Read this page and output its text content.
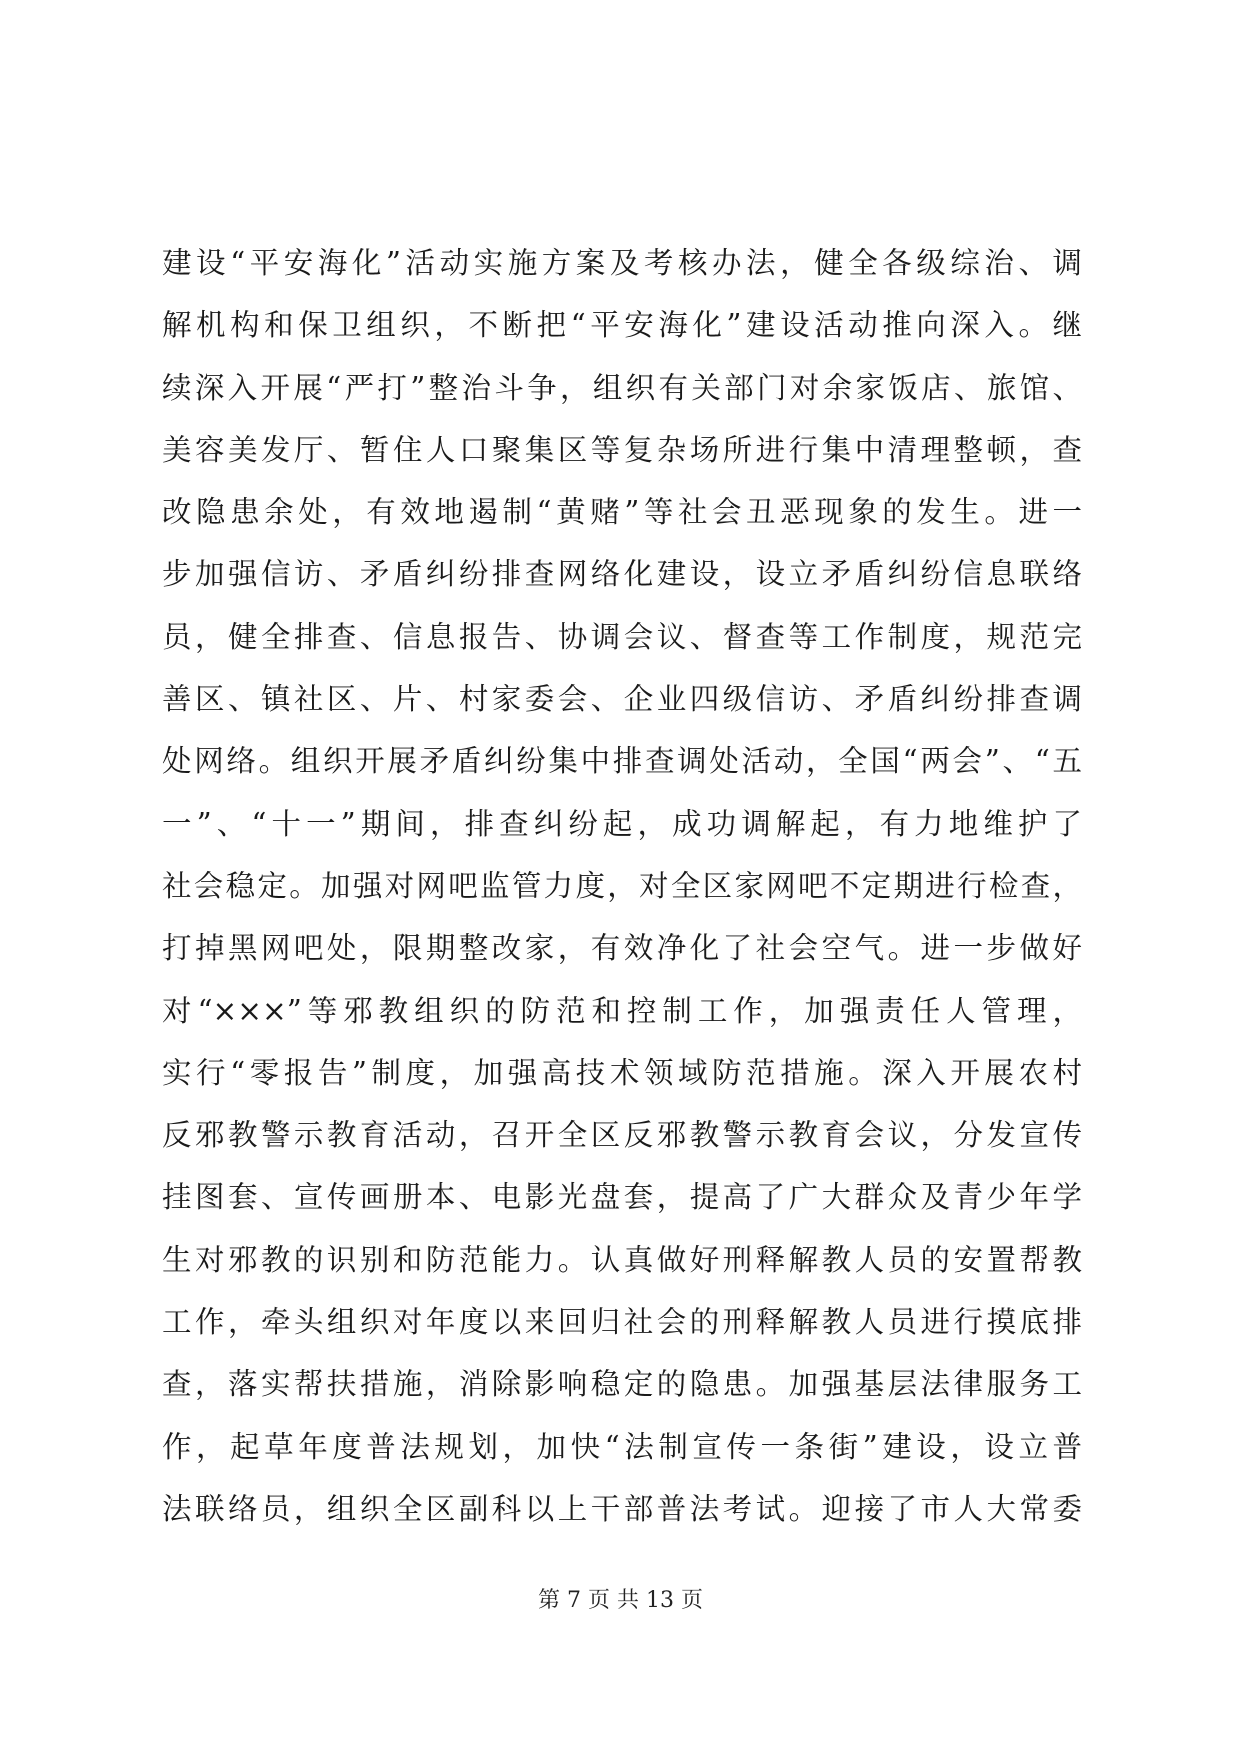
建设“平安海化”活动实施方案及考核办法，健全各级综治、调
解机构和保卫组织，不断把“平安海化”建设活动推向深入。继
续深入开展“严打”整治斗争，组织有关部门对余家饭店、旅馆、
美容美发厅、暂住人口聚集区等复杂场所进行集中清理整顿，查
改隐患余处，有效地遏制“黄赌”等社会丑恶现象的发生。进一
步加强信访、矛盾纠纷排查网络化建设，设立矛盾纠纷信息联络
员，健全排查、信息报告、协调会议、督查等工作制度，规范完
善区、镇社区、片、村家委会、企业四级信访、矛盾纠纷排查调
处网络。组织开展矛盾纠纷集中排查调处活动，全国“两会”、“五
一”、“十一”期间，排查纠纷起，成功调解起，有力地维护了
社会稳定。加强对网吧监管力度，对全区家网吧不定期进行检查，
打掉黑网吧处，限期整改家，有效净化了社会空气。进一步做好
对“×××”等邪教组织的防范和控制工作，加强责任人管理，
实行“零报告”制度，加强高技术领域防范措施。深入开展农村
反邪教警示教育活动，召开全区反邪教警示教育会议，分发宣传
挂图套、宣传画册本、电影光盘套，提高了广大群众及青少年学
生对邪教的识别和防范能力。认真做好刑释解教人员的安置帮教
工作，牵头组织对年度以来回归社会的刑释解教人员进行摸底排
查，落实帮扶措施，消除影响稳定的隐患。加强基层法律服务工
作，起草年度普法规划，加快“法制宣传一条街”建设，设立普
法联络员，组织全区副科以上干部普法考试。迎接了市人大常委
第 7 页 共 13 页
